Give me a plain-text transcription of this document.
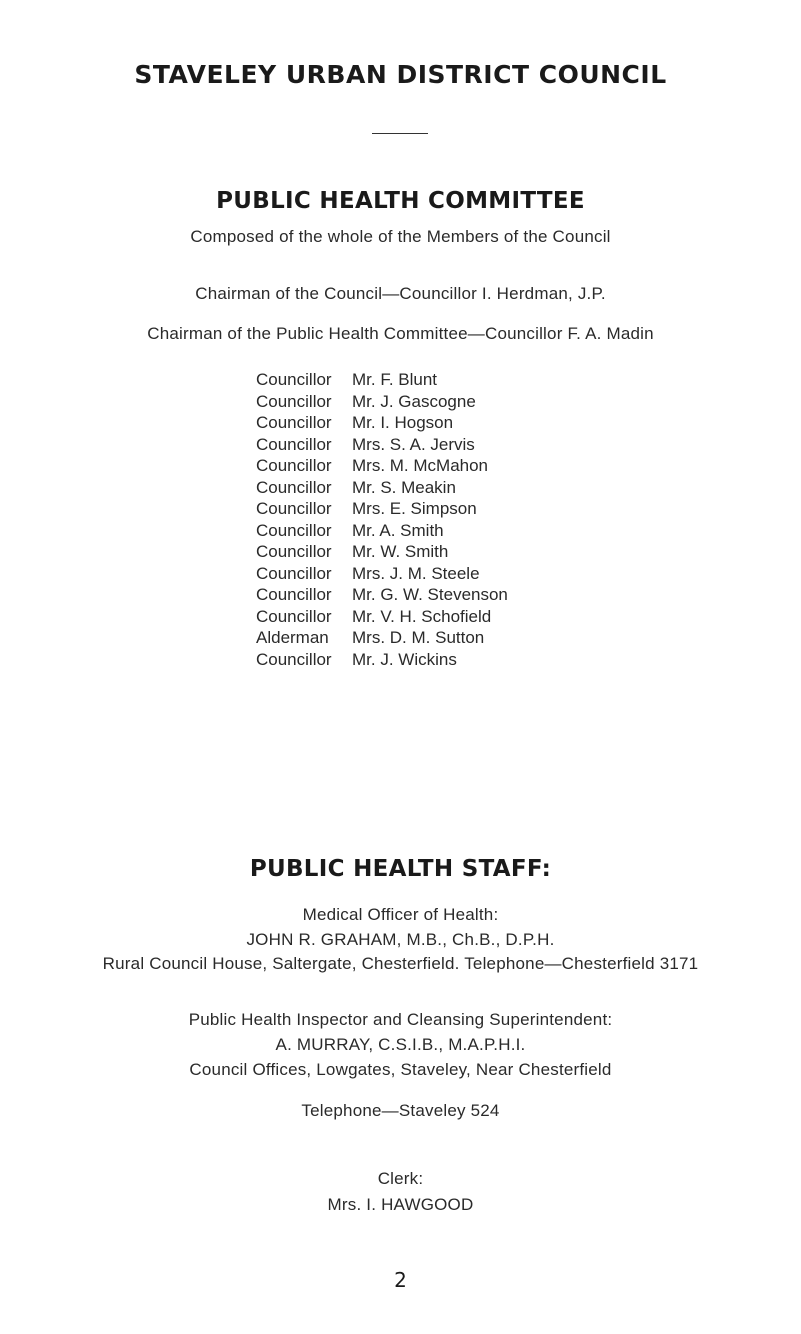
STAVELEY URBAN DISTRICT COUNCIL
PUBLIC HEALTH COMMITTEE
Composed of the whole of the Members of the Council
Chairman of the Council—Councillor I. Herdman, J.P.
Chairman of the Public Health Committee—Councillor F. A. Madin
Councillor Mr. F. Blunt
Councillor Mr. J. Gascogne
Councillor Mr. I. Hogson
Councillor Mrs. S. A. Jervis
Councillor Mrs. M. McMahon
Councillor Mr. S. Meakin
Councillor Mrs. E. Simpson
Councillor Mr. A. Smith
Councillor Mr. W. Smith
Councillor Mrs. J. M. Steele
Councillor Mr. G. W. Stevenson
Councillor Mr. V. H. Schofield
Alderman Mrs. D. M. Sutton
Councillor Mr. J. Wickins
PUBLIC HEALTH STAFF:
Medical Officer of Health:
JOHN R. GRAHAM, M.B., Ch.B., D.P.H.
Rural Council House, Saltergate, Chesterfield. Telephone—Chesterfield 3171
Public Health Inspector and Cleansing Superintendent:
A. MURRAY, C.S.I.B., M.A.P.H.I.
Council Offices, Lowgates, Staveley, Near Chesterfield
Telephone—Staveley 524
Clerk:
Mrs. I. HAWGOOD
2
